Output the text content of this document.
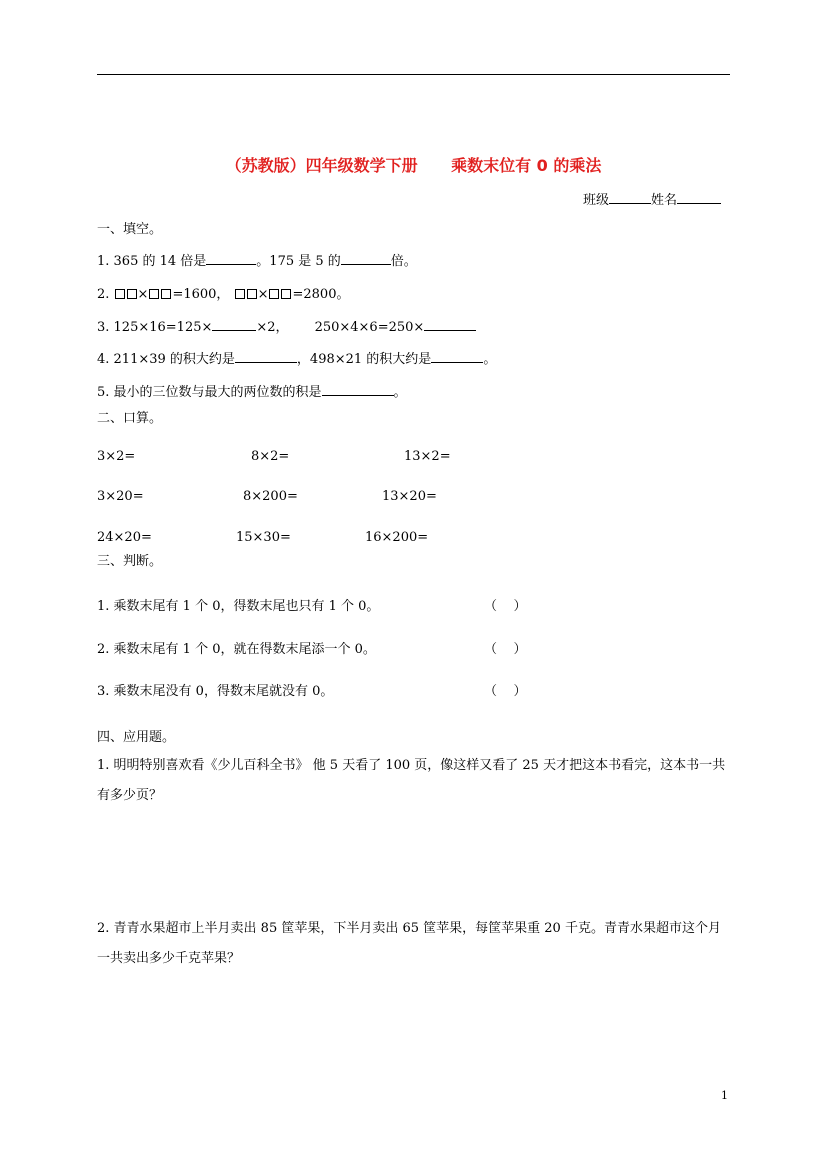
（苏教版）四年级数学下册      乘数末位有 0 的乘法
班级	姓名
一、填空。
1. 365 的 14 倍是	。175 是 5 的	倍。
2. × =1600， × =2800。
3. 125×16=125×	×2， 250×4×6=250×
4. 211×39 的积大约是	，498×21 的积大约是	。
5. 最小的三位数与最大的两位数的积是	。
二、口算。
3×2=	8×2=	13×2=
3×20=	8×200=	13×20=
24×20=	15×30=	16×200=
三、判断。
1. 乘数末尾有 1 个 0，得数末尾也只有 1 个 0。	（    ）
2. 乘数末尾有 1 个 0，就在得数末尾添一个 0。	（    ）
3. 乘数末尾没有 0，得数末尾就没有 0。	（    ）
四、应用题。
1. 明明特别喜欢看《少儿百科全书》 他 5 天看了 100 页，像这样又看了 25 天才把这本书看完，这本书一共有多少页？
2. 青青水果超市上半月卖出 85 筐苹果，下半月卖出 65 筐苹果，每筐苹果重 20 千克。青青水果超市这个月一共卖出多少千克苹果？
1
